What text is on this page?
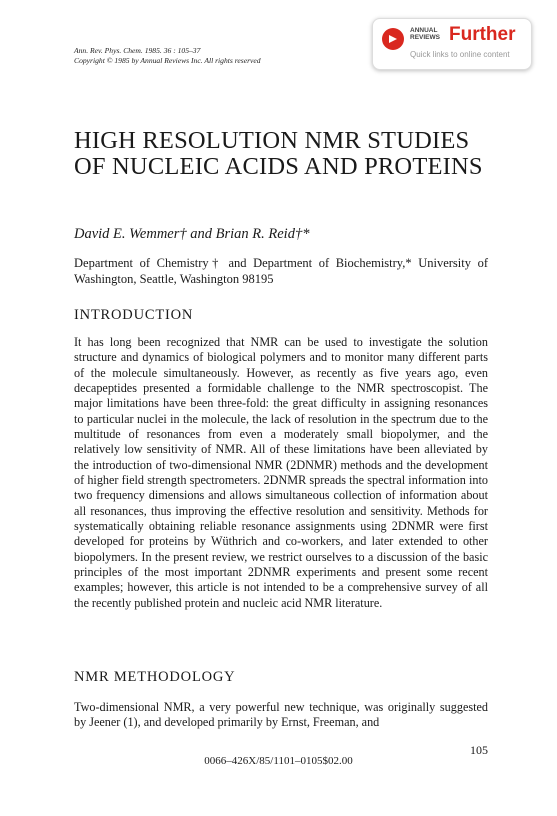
Ann. Rev. Phys. Chem. 1985. 36 : 105–37
Copyright © 1985 by Annual Reviews Inc. All rights reserved
ANNUAL
REVIEWS Further
Quick links to online content
HIGH RESOLUTION NMR STUDIES OF NUCLEIC ACIDS AND PROTEINS
David E. Wemmer† and Brian R. Reid†*
Department of Chemistry† and Department of Biochemistry,* University of Washington, Seattle, Washington 98195
INTRODUCTION

It has long been recognized that NMR can be used to investigate the solution structure and dynamics of biological polymers and to monitor many different parts of the molecule simultaneously. However, as recently as five years ago, even decapeptides presented a formidable challenge to the NMR spectroscopist. The major limitations have been three-fold: the great difficulty in assigning resonances to particular nuclei in the molecule, the lack of resolution in the spectrum due to the multitude of resonances from even a moderately small biopolymer, and the relatively low sensitivity of NMR. All of these limitations have been alleviated by the introduction of two-dimensional NMR (2DNMR) methods and the development of higher field strength spectrometers. 2DNMR spreads the spectral information into two frequency dimensions and allows simultaneous collection of information about all resonances, thus improving the effective resolution and sensitivity. Methods for systematically obtaining reliable resonance assignments using 2DNMR were first developed for proteins by Wüthrich and co-workers, and later extended to other biopolymers. In the present review, we restrict ourselves to a discussion of the basic principles of the most important 2DNMR experiments and present some recent examples; however, this article is not intended to be a comprehensive survey of all the recently published protein and nucleic acid NMR literature.

NMR METHODOLOGY

Two-dimensional NMR, a very powerful new technique, was originally suggested by Jeener (1), and developed primarily by Ernst, Freeman, and

105
0066–426X/85/1101–0105$02.00
